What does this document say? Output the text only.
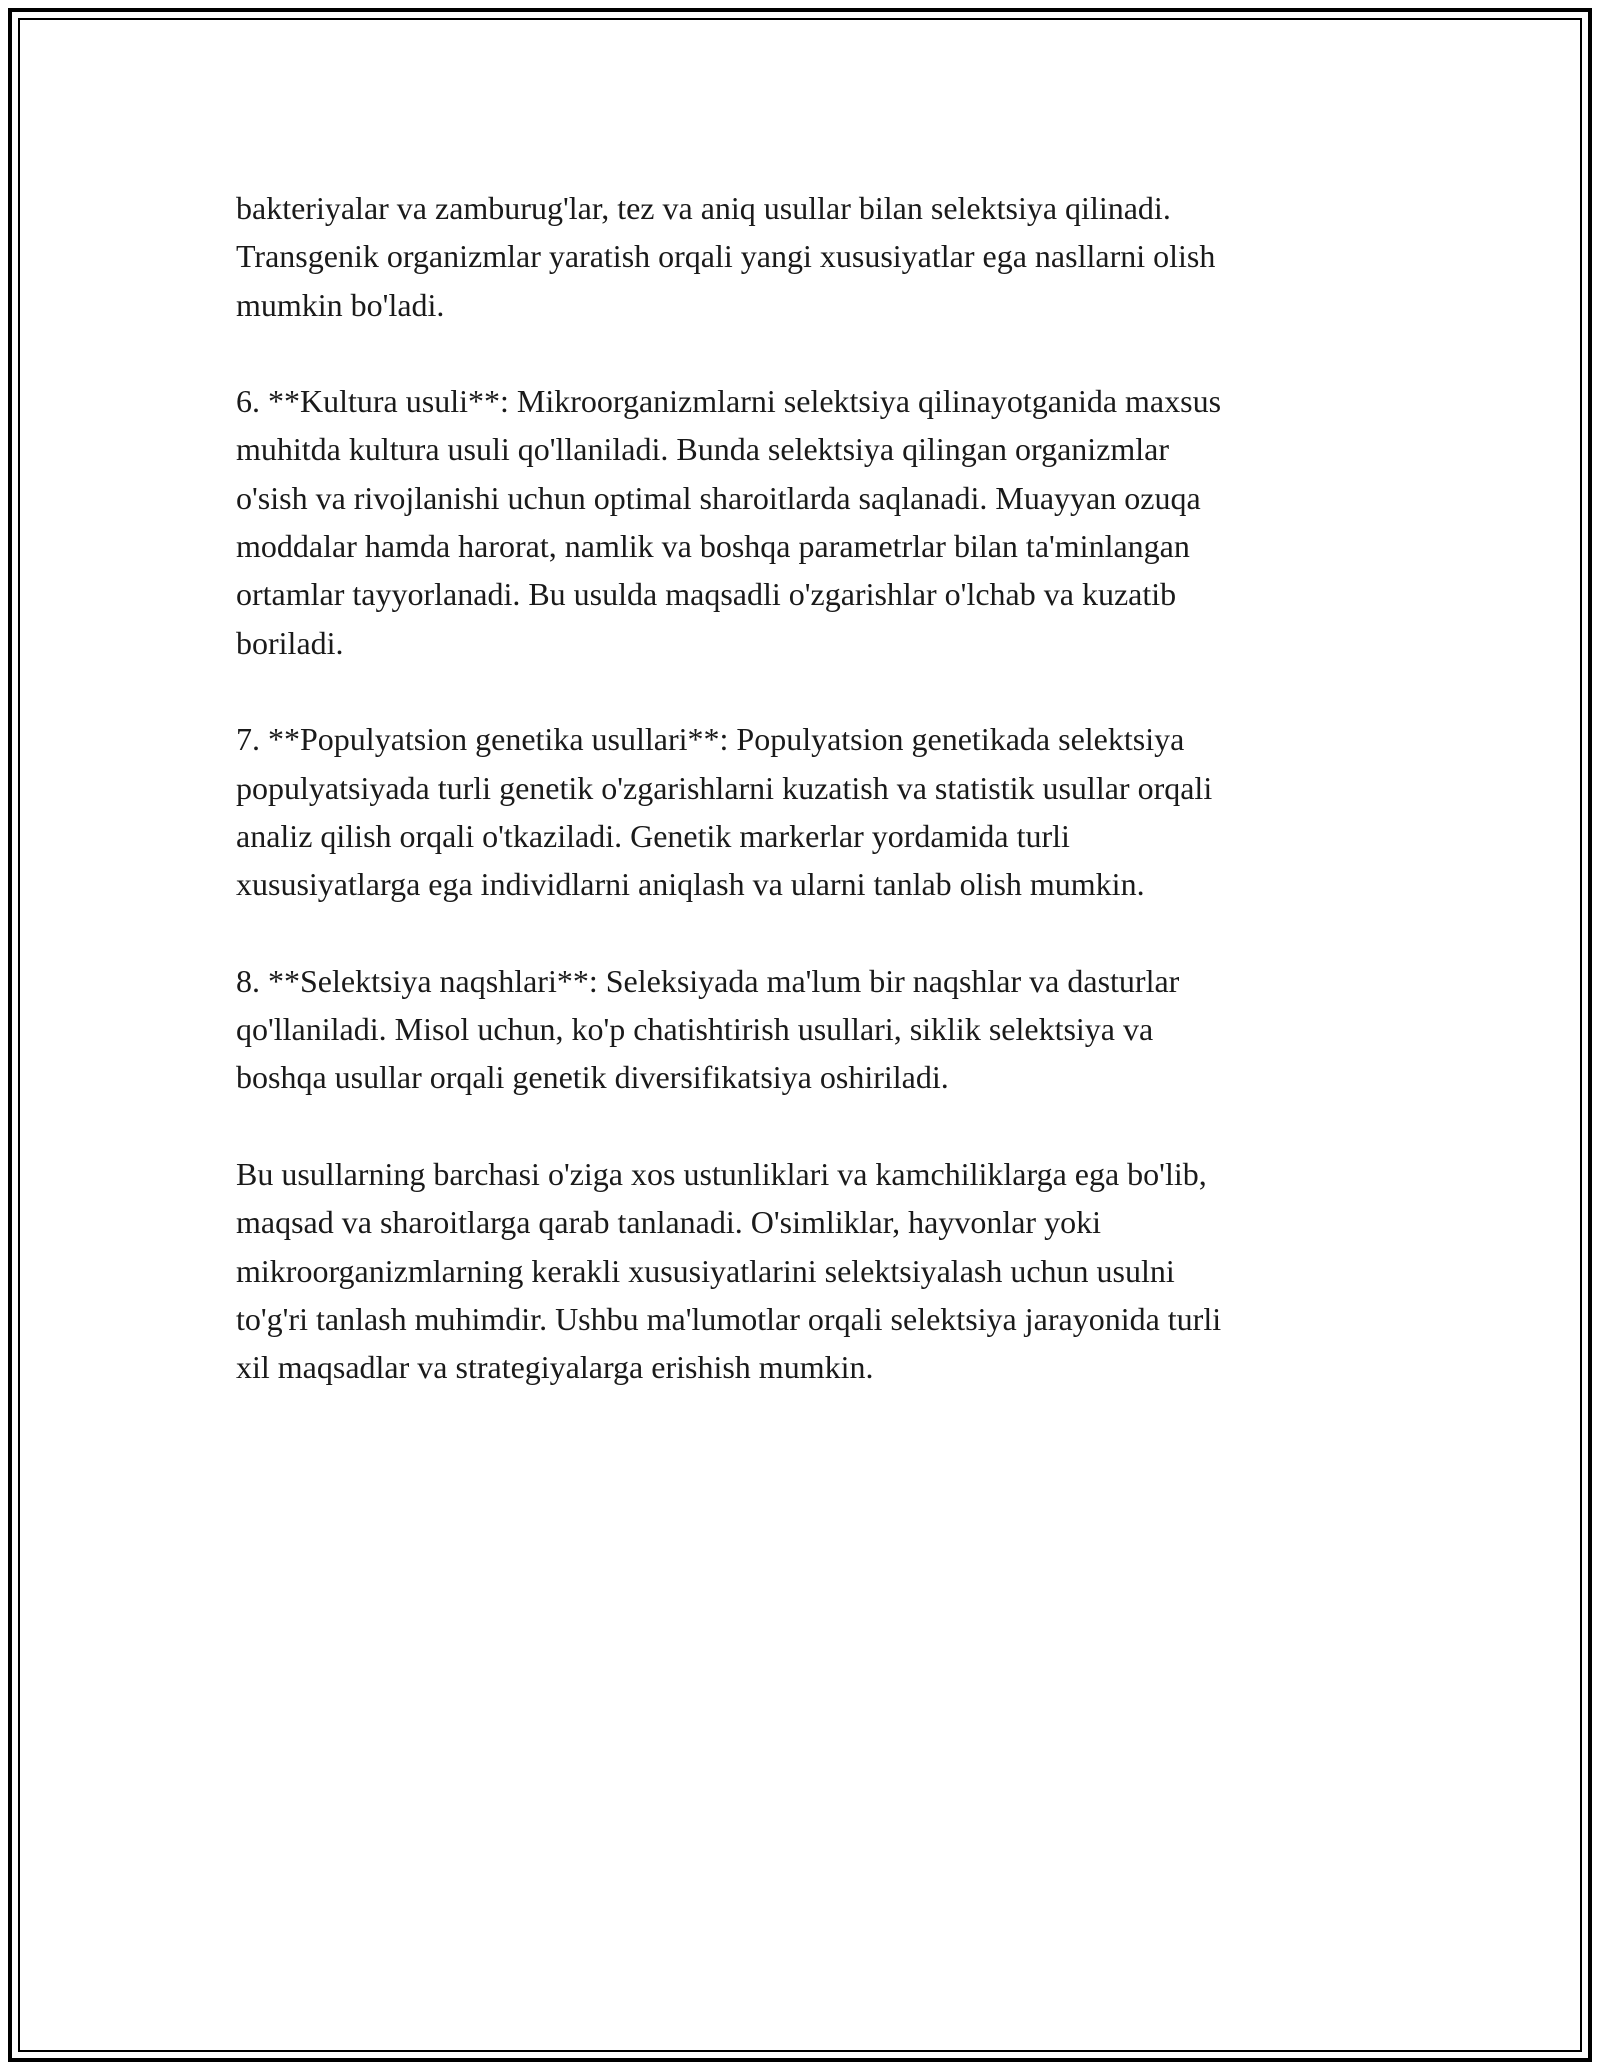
bakteriyalar va zamburug'lar, tez va aniq usullar bilan selektsiya qilinadi.
Transgenik organizmlar yaratish orqali yangi xususiyatlar ega nasllarni olish
mumkin bo'ladi.

6. **Kultura usuli**: Mikroorganizmlarni selektsiya qilinayotganida maxsus
muhitda kultura usuli qo'llaniladi. Bunda selektsiya qilingan organizmlar
o'sish va rivojlanishi uchun optimal sharoitlarda saqlanadi. Muayyan ozuqa
moddalar hamda harorat, namlik va boshqa parametrlar bilan ta'minlangan
ortamlar tayyorlanadi. Bu usulda maqsadli o'zgarishlar o'lchab va kuzatib
boriladi.

7. **Populyatsion genetika usullari**: Populyatsion genetikada selektsiya
populyatsiyada turli genetik o'zgarishlarni kuzatish va statistik usullar orqali
analiz qilish orqali o'tkaziladi. Genetik markerlar yordamida turli
xususiyatlarga ega individlarni aniqlash va ularni tanlab olish mumkin.

8. **Selektsiya naqshlari**: Seleksiyada ma'lum bir naqshlar va dasturlar
qo'llaniladi. Misol uchun, ko'p chatishtirish usullari, siklik selektsiya va
boshqa usullar orqali genetik diversifikatsiya oshiriladi.

Bu usullarning barchasi o'ziga xos ustunliklari va kamchiliklarga ega bo'lib,
maqsad va sharoitlarga qarab tanlanadi. O'simliklar, hayvonlar yoki
mikroorganizmlarning kerakli xususiyatlarini selektsiyalash uchun usulni
to'g'ri tanlash muhimdir. Ushbu ma'lumotlar orqali selektsiya jarayonida turli
xil maqsadlar va strategiyalarga erishish mumkin.
